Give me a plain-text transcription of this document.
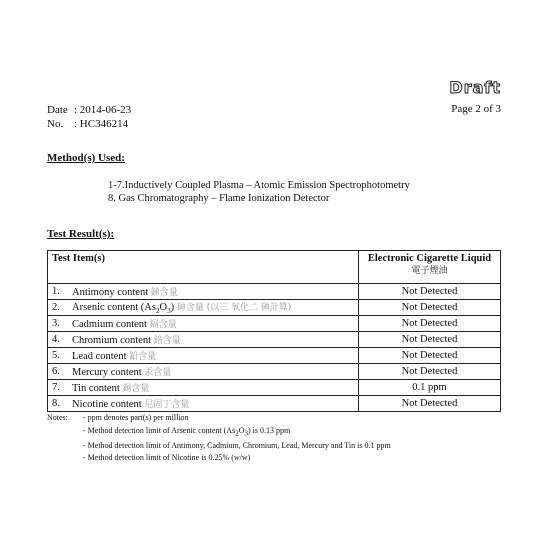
Draft
Date : 2014-06-23
No. : HC346214
Page 2 of 3
Method(s) Used:
1-7.Inductively Coupled Plasma – Atomic Emission Spectrophotometry
8. Gas Chromatography – Flame Ionization Detector
Test Result(s):
Test Item(s)		Electronic Cigarette Liquid
電子煙油
1.	Antimony content 銻含量	Not Detected
2.	Arsenic content $(As_2O_3)$ 砷含量 (以三 氧化二 砷計算)	Not Detected
3.	Cadmium content 鎘含量	Not Detected
4.	Chromium content 鉻含量	Not Detected
5.	Lead content 鉛含量	Not Detected
6.	Mercury content 汞含量	Not Detected
7.	Tin content 錫含量	0.1 ppm
8.	Nicotine content 尼固丁含量	Not Detected
Notes: - ppm denotes part(s) per million
- Method detection limit of Arsenic content $(As_2O_3)$ is 0.13 ppm
- Method detection limit of Antimony, Cadmium, Chromium, Lead, Mercury and Tin is 0.1 ppm
- Method detection limit of Nicotine is 0.25% (w/w)
